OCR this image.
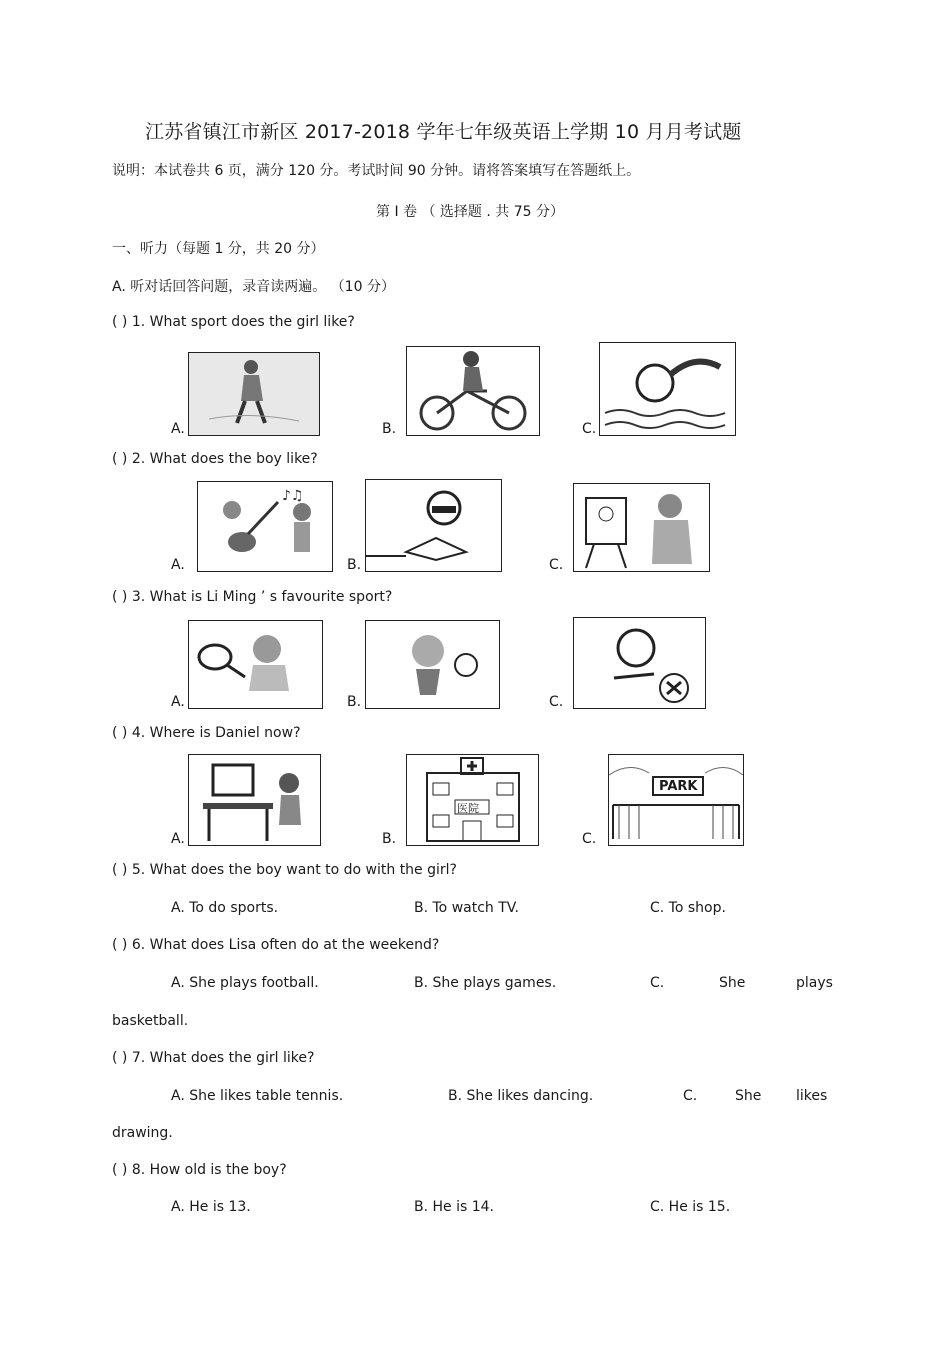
江苏省镇江市新区 2017-2018 学年七年级英语上学期 10 月月考试题
说明：本试卷共 6 页，满分 120 分。考试时间 90 分钟。请将答案填写在答题纸上。
第 Ⅰ 卷 （ 选择题 . 共 75 分）
一、听力（每题 1 分，共 20 分）
A. 听对话回答问题，录音读两遍。 （10 分）
( ) 1. What sport does the girl like?
A.	B.	C.
( ) 2. What does the boy like?
♪♫
A.	B.	C.
( ) 3. What is Li Ming ’ s favourite sport?
A.	B.	C.
( ) 4. Where is Daniel now?
A.
医院
B.
PARK
C.
( ) 5. What does the boy want to do with the girl?
A. To do sports.	B. To watch TV.	C. To shop.
( ) 6. What does Lisa often do at the weekend?
A. She plays football.	B. She plays games.	C.	She	plays
basketball.
( ) 7. What does the girl like?
A. She likes table tennis.	B. She likes dancing.	C.	She likes
drawing.
( ) 8. How old is the boy?
A. He is 13.	B. He is 14.	C. He is 15.
